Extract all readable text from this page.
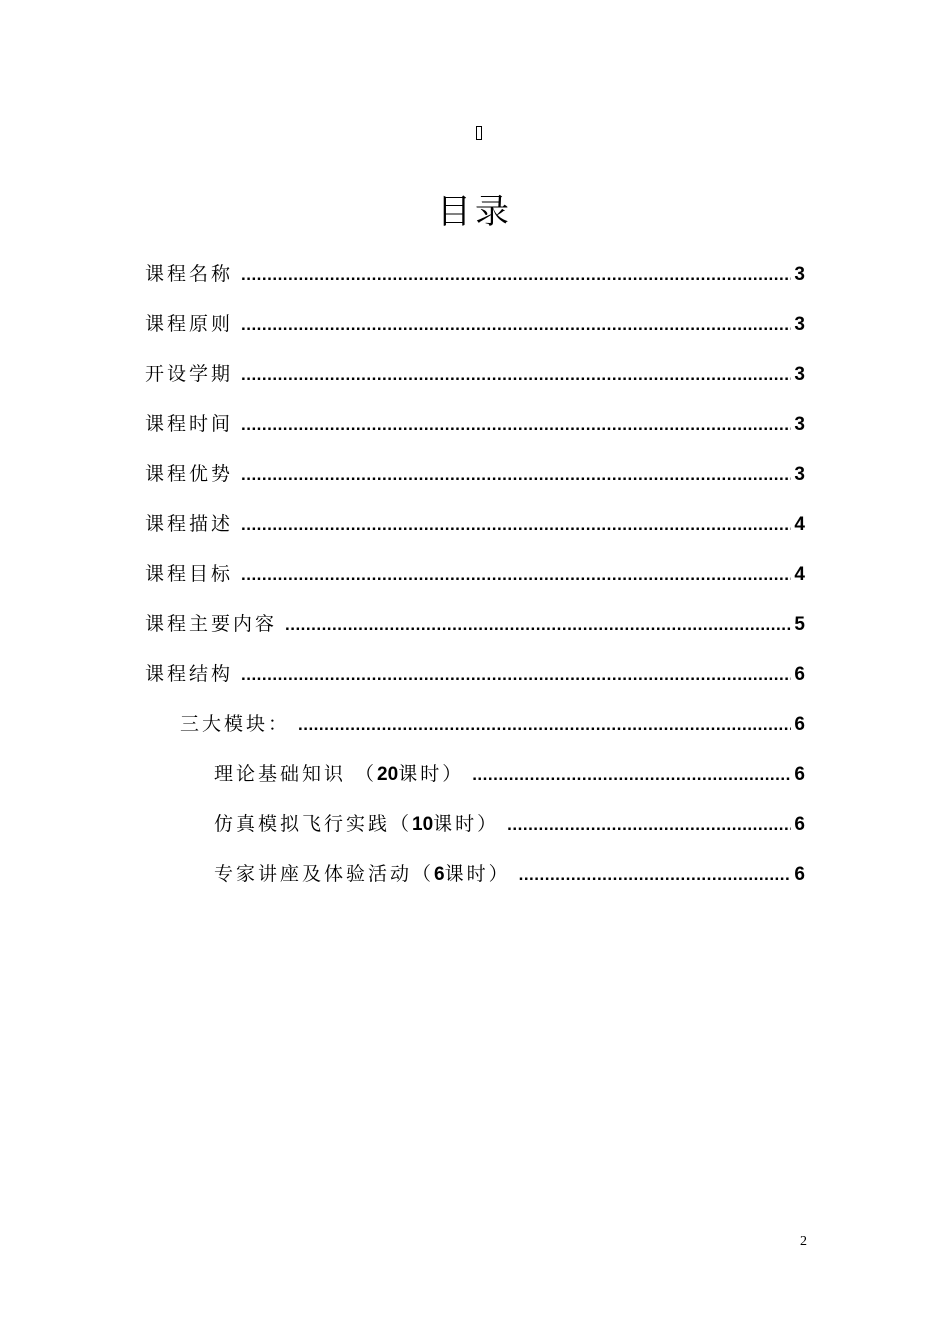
目录
课程名称 .....	3
课程原则 .....	3
开设学期 .....	3
课程时间 .....	3
课程优势 .....	3
课程描述 .....	4
课程目标 .....	4
课程主要内容 .....	5
课程结构 .....	6
三大模块： .....	6
理论基础知识 （20课时） .....	6
仿真模拟飞行实践（10课时） .....	6
专家讲座及体验活动（6课时） .....	6
2
